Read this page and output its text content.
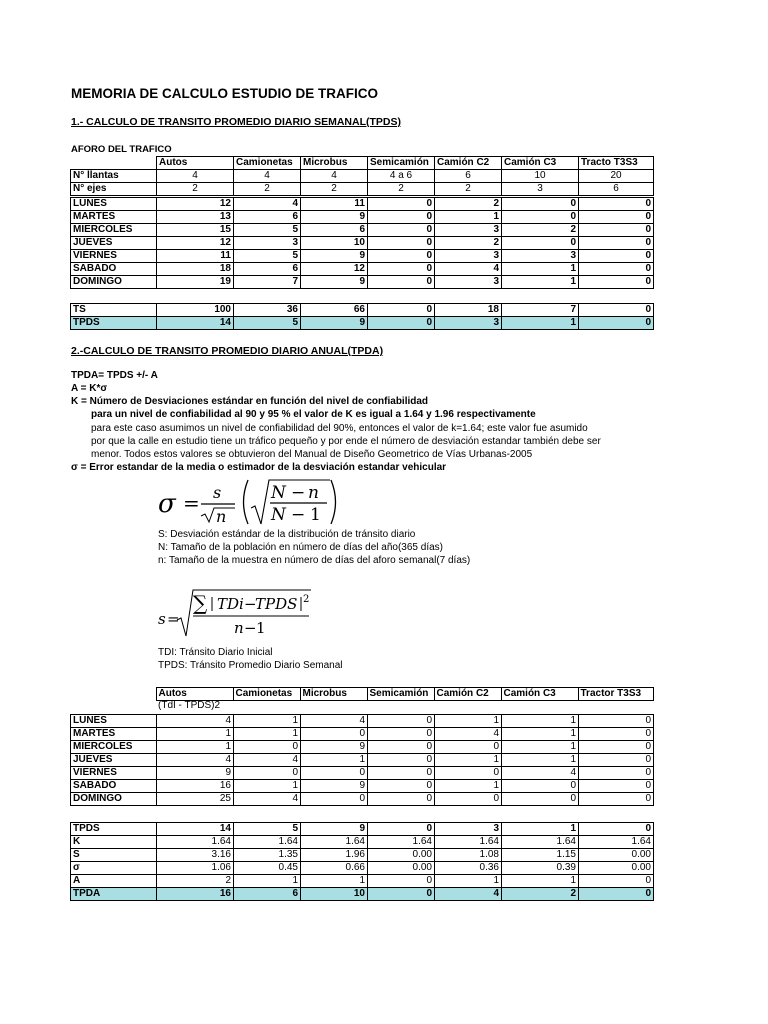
MEMORIA DE CALCULO ESTUDIO DE TRAFICO
1.- CALCULO DE TRANSITO PROMEDIO DIARIO SEMANAL(TPDS)
AFORO DEL TRAFICO
	Autos	Camionetas	Microbus	Semicamión	Camión C2	Camión C3	Tracto T3S3
N° llantas	4	4	4	4 a 6	6	10	20
N° ejes	2	2	2	2	2	3	6
LUNES	12	4	11	0	2	0	0
MARTES	13	6	9	0	1	0	0
MIERCOLES	15	5	6	0	3	2	0
JUEVES	12	3	10	0	2	0	0
VIERNES	11	5	9	0	3	3	0
SABADO	18	6	12	0	4	1	0
DOMINGO	19	7	9	0	3	1	0
TS	100	36	66	0	18	7	0
TPDS	14	5	9	0	3	1	0
2.-CALCULO DE TRANSITO PROMEDIO DIARIO ANUAL(TPDA)
TPDA= TPDS +/- A
A = K*σ
K = Número de Desviaciones estándar en función del nivel de confiabilidad
para un nivel de confiabilidad al 90 y 95 % el valor de K es igual a 1.64 y 1.96 respectivamente
para este caso asumimos un nivel de confiabilidad del 90%, entonces el valor de k=1.64; este valor fue asumido
por que la calle en estudio tiene un tráfico pequeño y por ende el número de desviación estandar también debe ser
menor. Todos estos valores se obtuvieron del Manual de Diseño Geometrico de Vías Urbanas-2005
σ = Error estandar de la media o estimador de la desviación estandar vehicular
σ = s
n
N − n
N − 1
S: Desviación estándar de la distribución de tránsito diario
N: Tamaño de la población en número de días del año(365 días)
n: Tamaño de la muestra en número de días del aforo semanal(7 días)
s =
∑ TDi −
TPDS 2
n − 1
TDI: Tránsito Diario Inicial
TPDS: Tránsito Promedio Diario Semanal
	Autos	Camionetas	Microbus	Semicamión	Camión C2	Camión C3	Tractor T3S3
(TdI - TPDS)2
LUNES	4	1	4	0	1	1	0
MARTES	1	1	0	0	4	1	0
MIERCOLES	1	0	9	0	0	1	0
JUEVES	4	4	1	0	1	1	0
VIERNES	9	0	0	0	0	4	0
SABADO	16	1	9	0	1	0	0
DOMINGO	25	4	0	0	0	0	0
TPDS	14	5	9	0	3	1	0
K	1.64	1.64	1.64	1.64	1.64	1.64	1.64
S	3.16	1.35	1.96	0.00	1.08	1.15	0.00
σ	1.06	0.45	0.66	0.00	0.36	0.39	0.00
A	2	1	1	0	1	1	0
TPDA	16	6	10	0	4	2	0
